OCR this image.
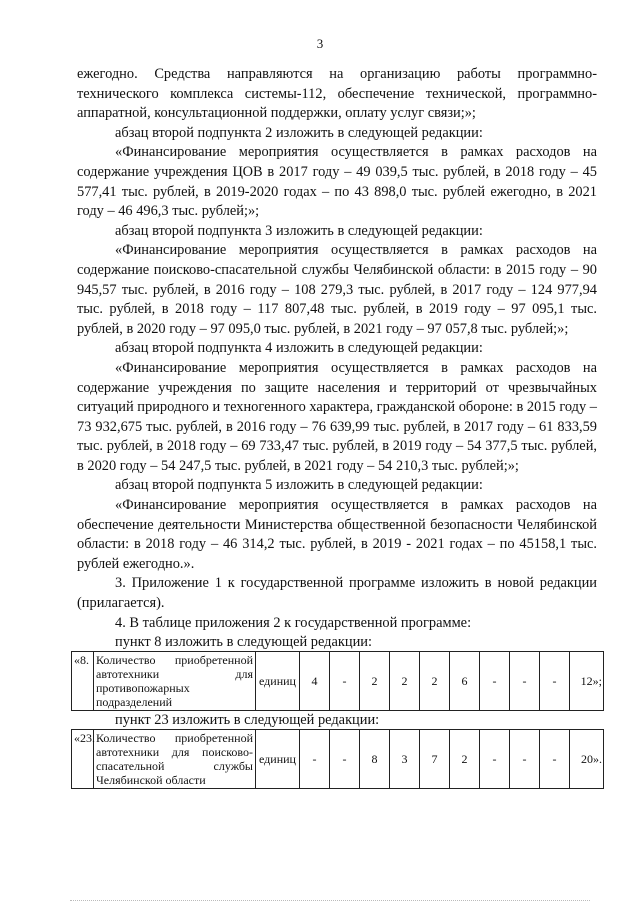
3

ежегодно. Средства направляются на организацию работы программно-технического комплекса системы-112, обеспечение технической, программно-аппаратной, консультационной поддержки, оплату услуг связи;»;

абзац второй подпункта 2 изложить в следующей редакции:

«Финансирование мероприятия осуществляется в рамках расходов на содержание учреждения ЦОВ в 2017 году – 49 039,5 тыс. рублей, в 2018 году – 45 577,41 тыс. рублей, в 2019-2020 годах – по 43 898,0 тыс. рублей ежегодно, в 2021 году – 46 496,3 тыс. рублей;»;

абзац второй подпункта 3 изложить в следующей редакции:

«Финансирование мероприятия осуществляется в рамках расходов на содержание поисково-спасательной службы Челябинской области: в 2015 году – 90 945,57 тыс. рублей, в 2016 году – 108 279,3 тыс. рублей, в 2017 году – 124 977,94 тыс. рублей, в 2018 году – 117 807,48 тыс. рублей, в 2019 году – 97 095,1 тыс. рублей, в 2020 году – 97 095,0 тыс. рублей, в 2021 году – 97 057,8 тыс. рублей;»;

абзац второй подпункта 4 изложить в следующей редакции:

«Финансирование мероприятия осуществляется в рамках расходов на содержание учреждения по защите населения и территорий от чрезвычайных ситуаций природного и техногенного характера, гражданской обороне: в 2015 году – 73 932,675 тыс. рублей, в 2016 году – 76 639,99 тыс. рублей, в 2017 году – 61 833,59 тыс. рублей, в 2018 году – 69 733,47 тыс. рублей, в 2019 году – 54 377,5 тыс. рублей, в 2020 году – 54 247,5 тыс. рублей, в 2021 году – 54 210,3 тыс. рублей;»;

абзац второй подпункта 5 изложить в следующей редакции:

«Финансирование мероприятия осуществляется в рамках расходов на обеспечение деятельности Министерства общественной безопасности Челябинской области: в 2018 году – 46 314,2 тыс. рублей, в 2019 - 2021 годах – по 45158,1 тыс. рублей ежегодно.».

3. Приложение 1 к государственной программе изложить в новой редакции (прилагается).

4. В таблице приложения 2 к государственной программе:

пункт 8 изложить в следующей редакции:

«8.	Количество приобретенной автотехники для противопожарных подразделений	единиц	4	-	2	2	2	6	-	-	-	12»;

пункт 23 изложить в следующей редакции:

«23.	Количество приобретенной автотехники для поисково-спасательной службы Челябинской области	единиц	-	-	8	3	7	2	-	-	-	20».
